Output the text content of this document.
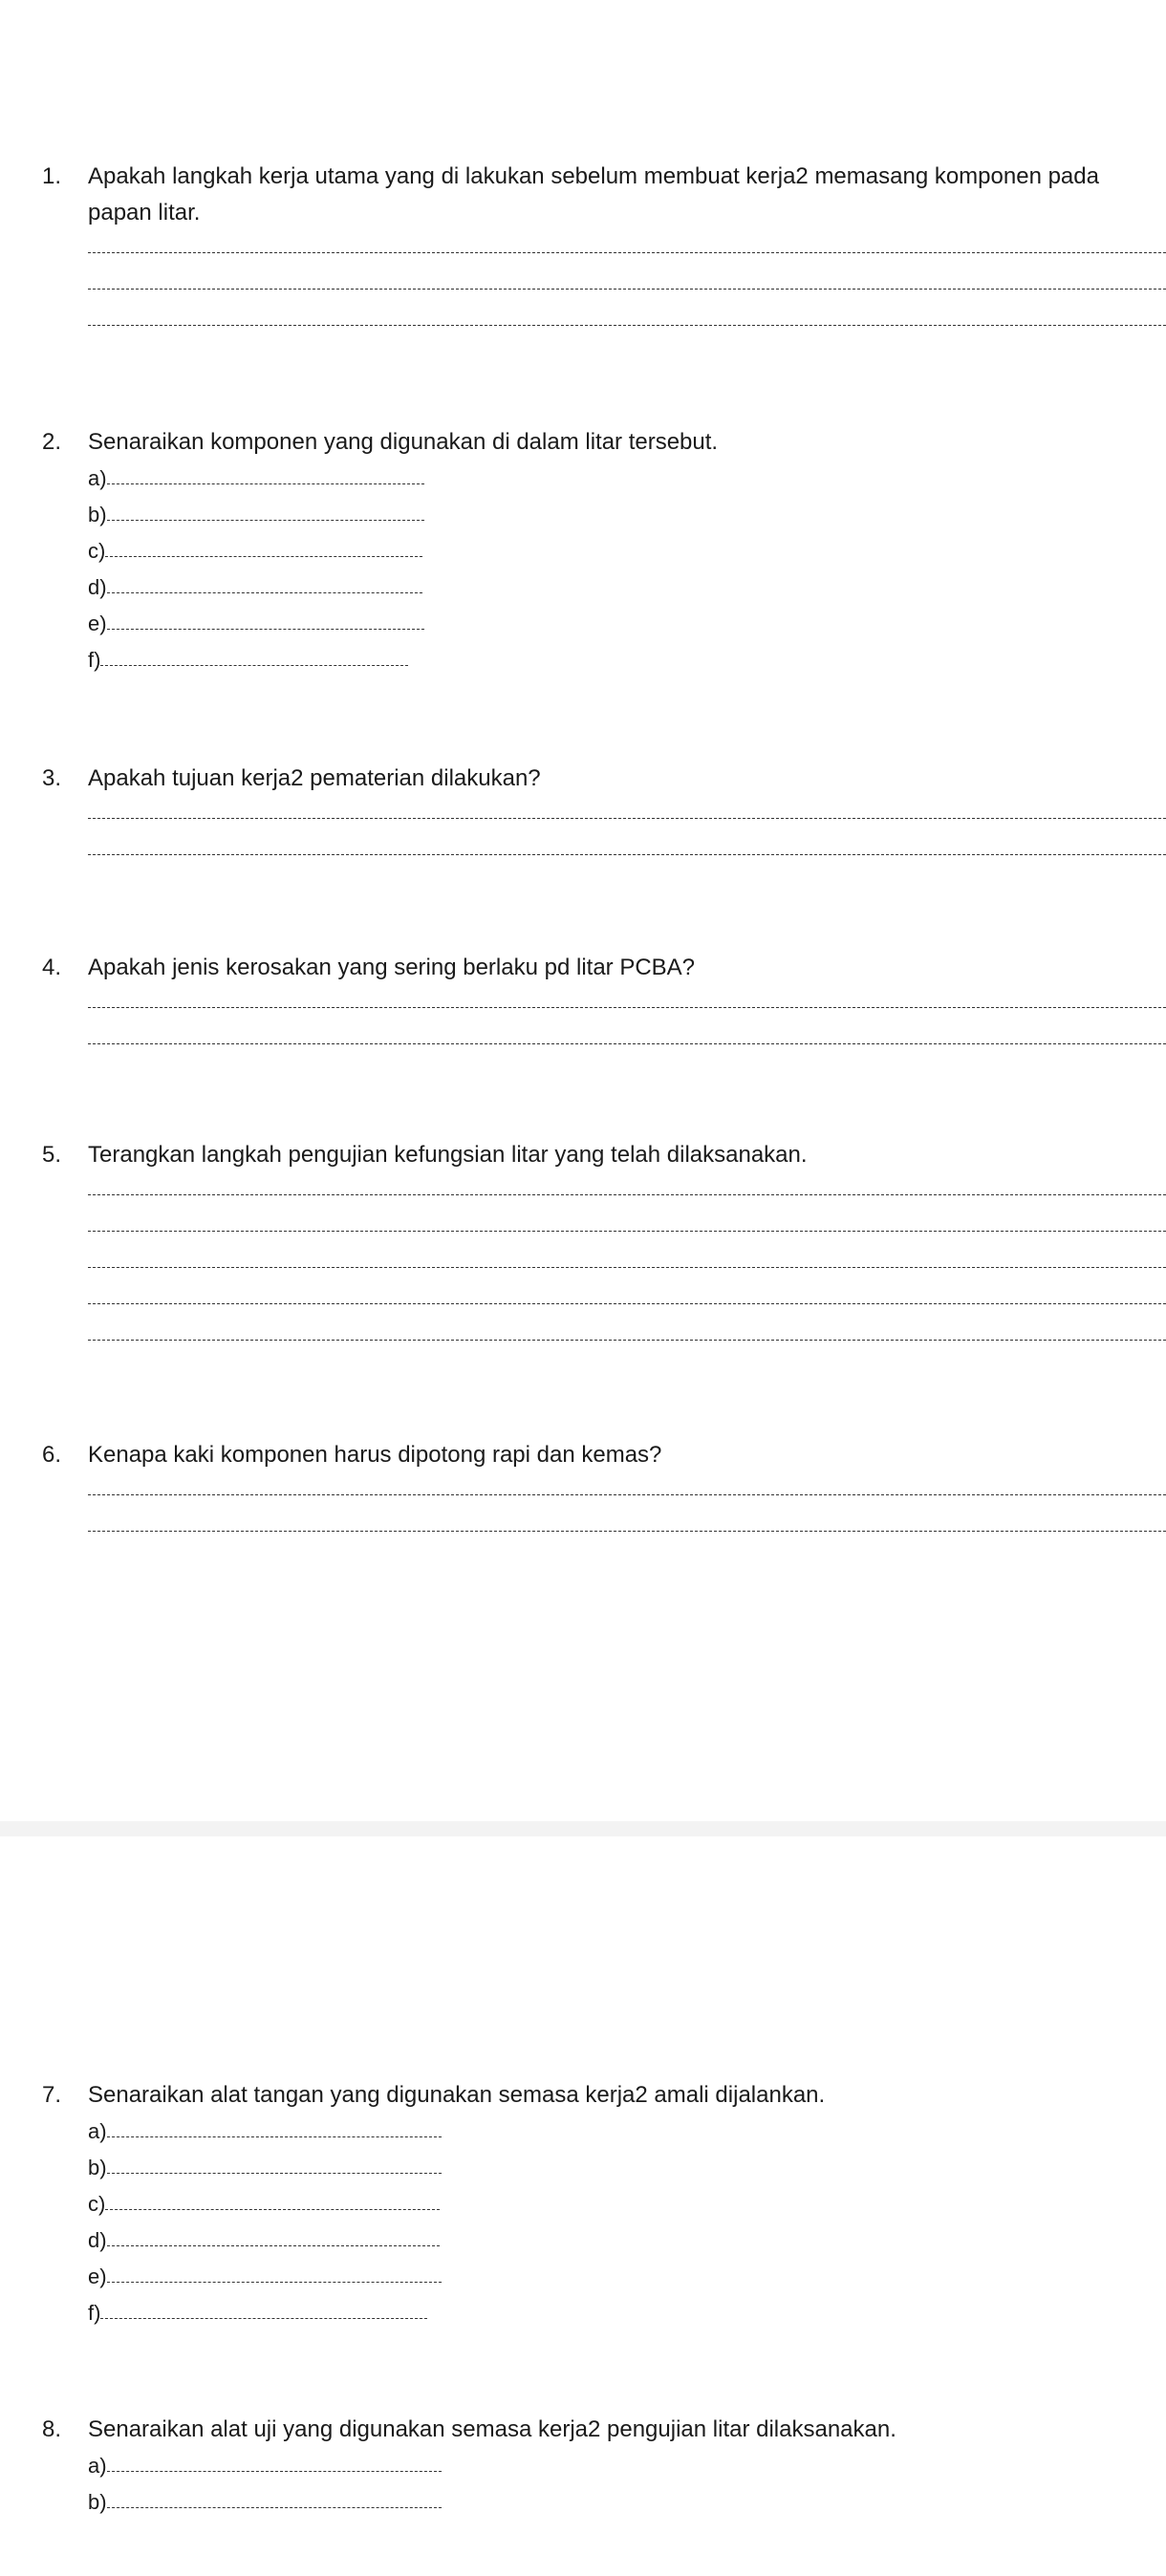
1.	Apakah langkah kerja utama yang di lakukan sebelum membuat kerja2 memasang komponen pada papan litar.
2.	Senaraikan komponen yang digunakan di dalam litar tersebut.
a)
b)
c)
d)
e)
f)
3.	Apakah tujuan kerja2 pematerian dilakukan?
4.	Apakah jenis kerosakan yang sering berlaku pd litar PCBA?
5.	Terangkan langkah pengujian kefungsian litar yang telah dilaksanakan.
6.	Kenapa kaki komponen harus dipotong rapi dan kemas?
7.	Senaraikan alat tangan yang digunakan semasa kerja2 amali dijalankan.
a)
b)
c)
d)
e)
f)
8.	Senaraikan alat uji yang digunakan semasa kerja2 pengujian litar dilaksanakan.
a)
b)
